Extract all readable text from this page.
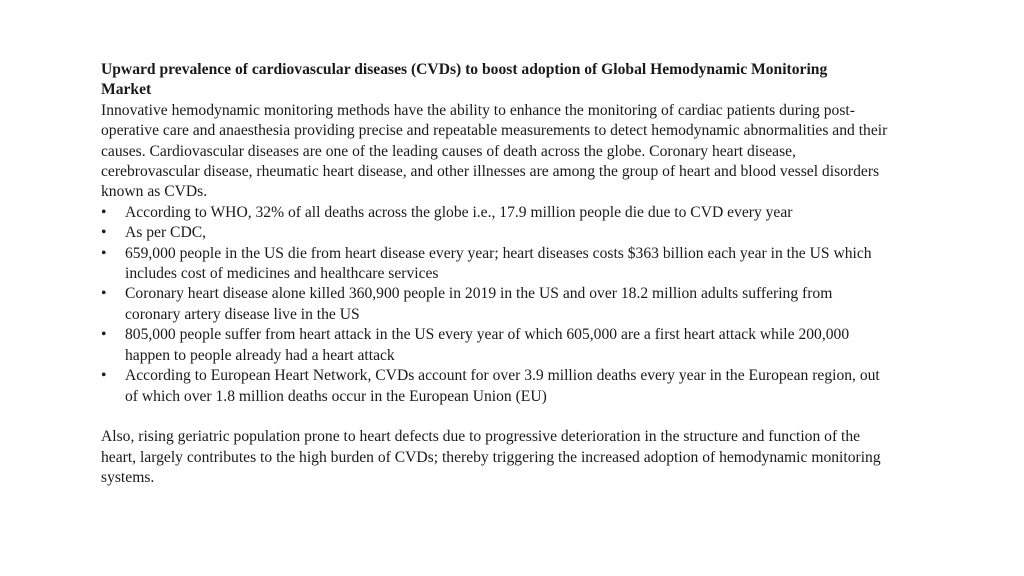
Upward prevalence of cardiovascular diseases (CVDs) to boost adoption of Global Hemodynamic Monitoring Market

Innovative hemodynamic monitoring methods have the ability to enhance the monitoring of cardiac patients during post-operative care and anaesthesia providing precise and repeatable measurements to detect hemodynamic abnormalities and their causes. Cardiovascular diseases are one of the leading causes of death across the globe. Coronary heart disease, cerebrovascular disease, rheumatic heart disease, and other illnesses are among the group of heart and blood vessel disorders known as CVDs.

• According to WHO, 32% of all deaths across the globe i.e., 17.9 million people die due to CVD every year
• As per CDC,
• 659,000 people in the US die from heart disease every year; heart diseases costs $363 billion each year in the US which    includes cost of medicines and healthcare services
• Coronary heart disease alone killed 360,900 people in 2019 in the US and over 18.2 million adults suffering from    coronary artery disease live in the US
• 805,000 people suffer from heart attack in the US every year of which 605,000 are a first heart attack while 200,000    happen to people already had a heart attack
• According to European Heart Network, CVDs account for over 3.9 million deaths every year in the European region, out of which over 1.8 million deaths occur in the European Union (EU)

Also, rising geriatric population prone to heart defects due to progressive deterioration in the structure and function of the heart, largely contributes to the high burden of CVDs; thereby triggering the increased adoption of hemodynamic monitoring systems.
